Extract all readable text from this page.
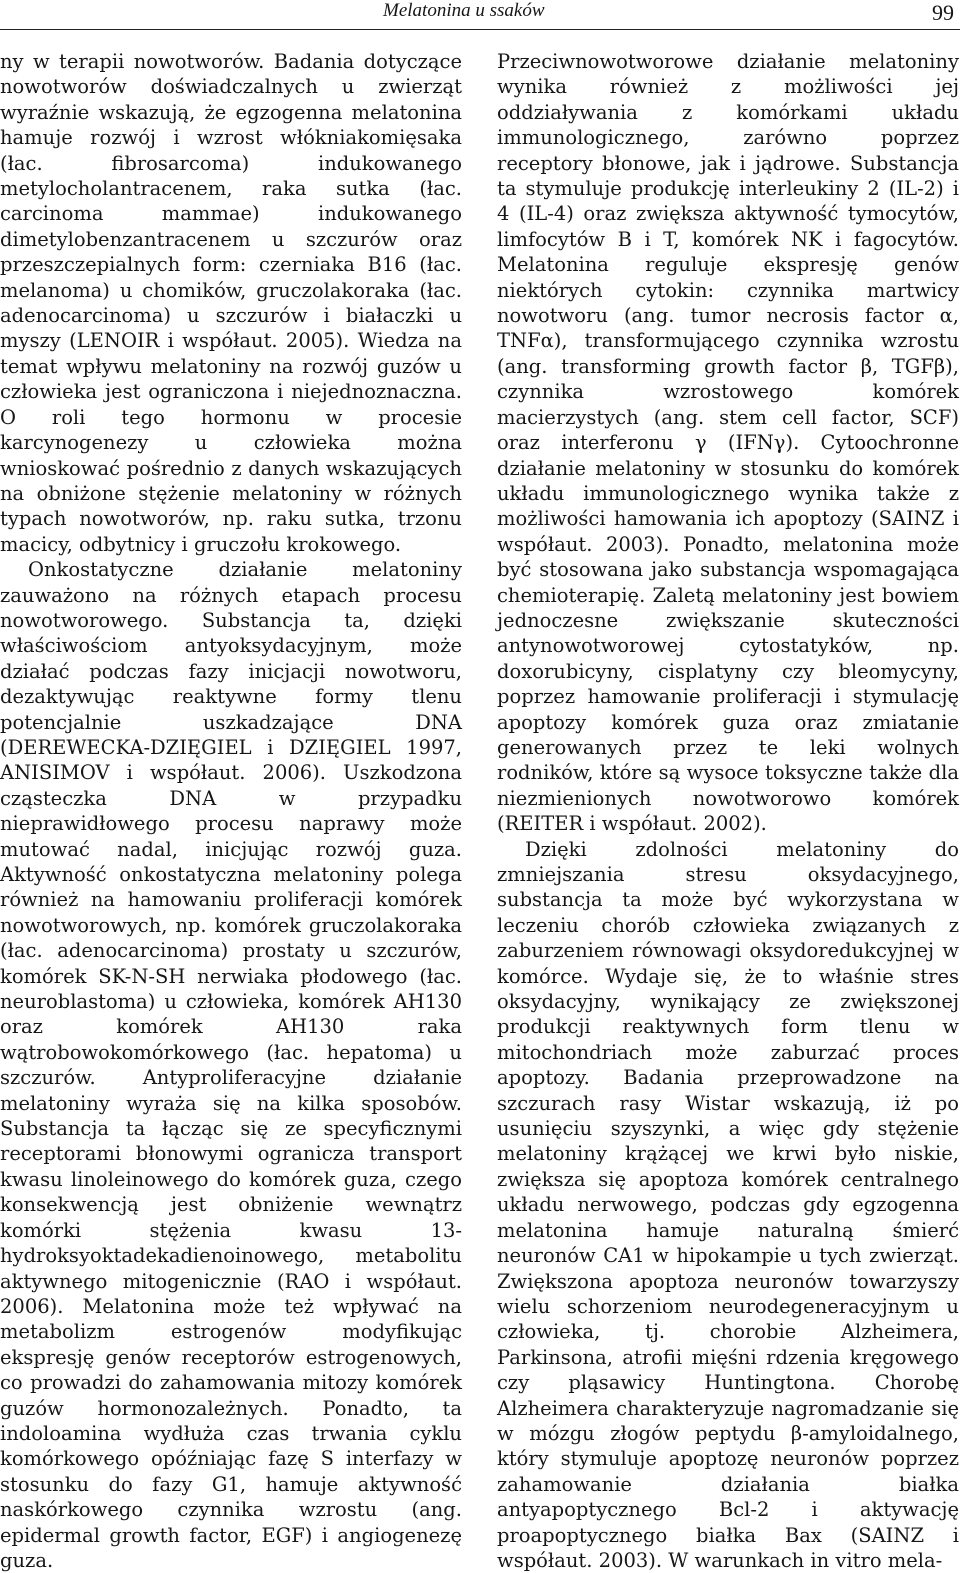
Melatonina u ssaków	99

ny w terapii nowotworów. Badania dotyczące nowotworów doświadczalnych u zwierząt wyraźnie wskazują, że egzogenna melatonina hamuje rozwój i wzrost włókniakomięsaka (łac. fibrosarcoma) indukowanego metylocholantracenem, raka sutka (łac. carcinoma mammae) indukowanego dimetylobenzantracenem u szczurów oraz przeszczepialnych form: czerniaka B16 (łac. melanoma) u chomików, gruczolakoraka (łac. adenocarcinoma) u szczurów i białaczki u myszy (LENOIR i współaut. 2005). Wiedza na temat wpływu melatoniny na rozwój guzów u człowieka jest ograniczona i niejednoznaczna. O roli tego hormonu w procesie karcynogenezy u człowieka można wnioskować pośrednio z danych wskazujących na obniżone stężenie melatoniny w różnych typach nowotworów, np. raku sutka, trzonu macicy, odbytnicy i gruczołu krokowego.

Onkostatyczne działanie melatoniny zauważono na różnych etapach procesu nowotworowego. Substancja ta, dzięki właściwościom antyoksydacyjnym, może działać podczas fazy inicjacji nowotworu, dezaktywując reaktywne formy tlenu potencjalnie uszkadzające DNA (DEREWECKA-DZIĘGIEL i DZIĘGIEL 1997, ANISIMOV i współaut. 2006). Uszkodzona cząsteczka DNA w przypadku nieprawidłowego procesu naprawy może mutować nadal, inicjując rozwój guza. Aktywność onkostatyczna melatoniny polega również na hamowaniu proliferacji komórek nowotworowych, np. komórek gruczolakoraka (łac. adenocarcinoma) prostaty u szczurów, komórek SK-N-SH nerwiaka płodowego (łac. neuroblastoma) u człowieka, komórek AH130 oraz komórek AH130 raka wątrobowokomórkowego (łac. hepatoma) u szczurów. Antyproliferacyjne działanie melatoniny wyraża się na kilka sposobów. Substancja ta łącząc się ze specyficznymi receptorami błonowymi ogranicza transport kwasu linoleinowego do komórek guza, czego konsekwencją jest obniżenie wewnątrz komórki stężenia kwasu 13-hydroksyoktadekadienoinowego, metabolitu aktywnego mitogenicznie (RAO i współaut. 2006). Melatonina może też wpływać na metabolizm estrogenów modyfikując ekspresję genów receptorów estrogenowych, co prowadzi do zahamowania mitozy komórek guzów hormonozależnych. Ponadto, ta indoloamina wydłuża czas trwania cyklu komórkowego opóźniając fazę S interfazy w stosunku do fazy G1, hamuje aktywność naskórkowego czynnika wzrostu (ang. epidermal growth factor, EGF) i angiogenezę guza.

Przeciwnowotworowe działanie melatoniny wynika również z możliwości jej oddziaływania z komórkami układu immunologicznego, zarówno poprzez receptory błonowe, jak i jądrowe. Substancja ta stymuluje produkcję interleukiny 2 (IL-2) i 4 (IL-4) oraz zwiększa aktywność tymocytów, limfocytów B i T, komórek NK i fagocytów. Melatonina reguluje ekspresję genów niektórych cytokin: czynnika martwicy nowotworu (ang. tumor necrosis factor α, TNFα), transformującego czynnika wzrostu (ang. transforming growth factor β, TGFβ), czynnika wzrostowego komórek macierzystych (ang. stem cell factor, SCF) oraz interferonu γ (IFNγ). Cytoochronne działanie melatoniny w stosunku do komórek układu immunologicznego wynika także z możliwości hamowania ich apoptozy (SAINZ i współaut. 2003). Ponadto, melatonina może być stosowana jako substancja wspomagająca chemioterapię. Zaletą melatoniny jest bowiem jednoczesne zwiększanie skuteczności antynowotworowej cytostatyków, np. doxorubicyny, cisplatyny czy bleomycyny, poprzez hamowanie proliferacji i stymulację apoptozy komórek guza oraz zmiatanie generowanych przez te leki wolnych rodników, które są wysoce toksyczne także dla niezmienionych nowotworowo komórek (REITER i współaut. 2002).

Dzięki zdolności melatoniny do zmniejszania stresu oksydacyjnego, substancja ta może być wykorzystana w leczeniu chorób człowieka związanych z zaburzeniem równowagi oksydoredukcyjnej w komórce. Wydaje się, że to właśnie stres oksydacyjny, wynikający ze zwiększonej produkcji reaktywnych form tlenu w mitochondriach może zaburzać proces apoptozy. Badania przeprowadzone na szczurach rasy Wistar wskazują, iż po usunięciu szyszynki, a więc gdy stężenie melatoniny krążącej we krwi było niskie, zwiększa się apoptoza komórek centralnego układu nerwowego, podczas gdy egzogenna melatonina hamuje naturalną śmierć neuronów CA1 w hipokampie u tych zwierząt. Zwiększona apoptoza neuronów towarzyszy wielu schorzeniom neurodegeneracyjnym u człowieka, tj. chorobie Alzheimera, Parkinsona, atrofii mięśni rdzenia kręgowego czy pląsawicy Huntingtona. Chorobę Alzheimera charakteryzuje nagromadzanie się w mózgu złogów peptydu β-amyloidalnego, który stymuluje apoptozę neuronów poprzez zahamowanie działania białka antyapoptycznego Bcl-2 i aktywację proapoptycznego białka Bax (SAINZ i współaut. 2003). W warunkach in vitro mela-
